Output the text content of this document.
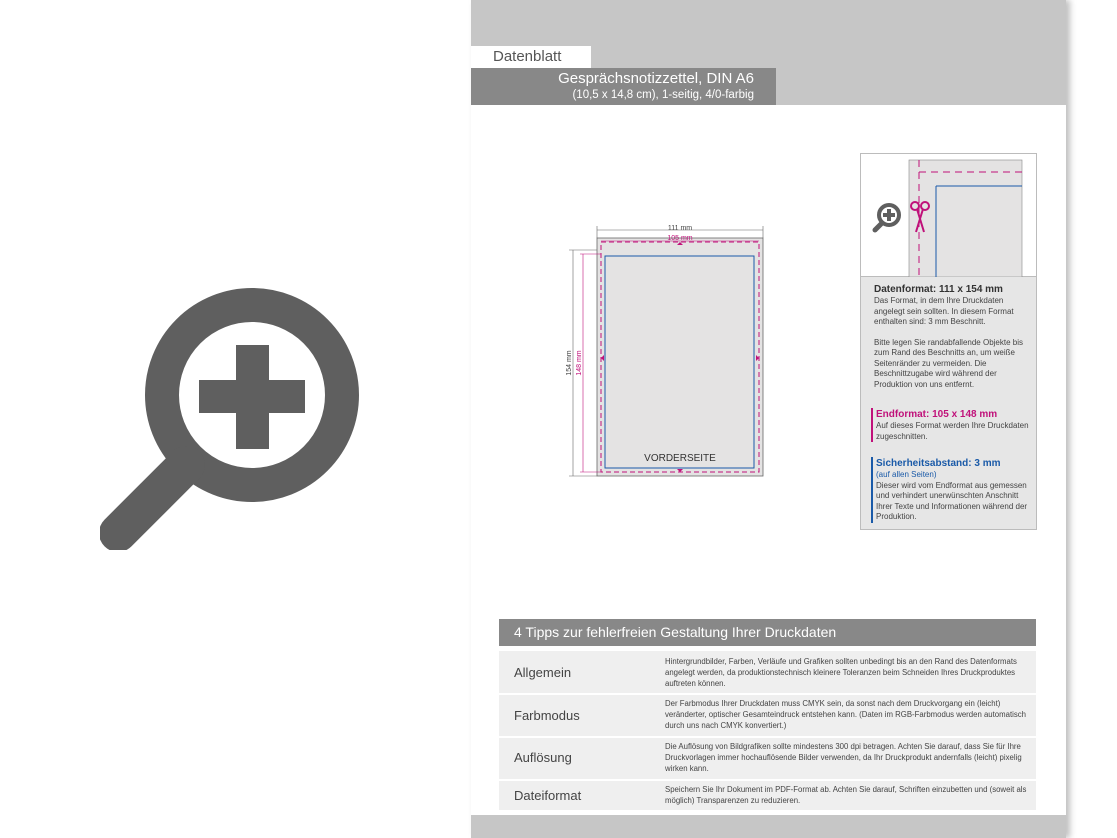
Datenblatt
Gesprächsnotizzettel, DIN A6
(10,5 x 14,8 cm), 1-seitig, 4/0-farbig
111 mm
105 mm
154 mm 148 mm
VORDERSEITE
Datenformat: 111 x 154 mm
Das Format, in dem Ihre Druckdaten angelegt sein sollten. In diesem Format enthalten sind: 3 mm Beschnitt.
Bitte legen Sie randabfallende Objekte bis zum Rand des Beschnitts an, um weiße Seitenränder zu vermeiden. Die Beschnittzugabe wird während der Produktion von uns entfernt.
Endformat: 105 x 148 mm
Auf dieses Format werden Ihre Druckdaten zugeschnitten.
Sicherheitsabstand: 3 mm
(auf allen Seiten)
Dieser wird vom Endformat aus gemessen und verhindert unerwünschten Anschnitt Ihrer Texte und Informationen während der Produktion.
4 Tipps zur fehlerfreien Gestaltung Ihrer Druckdaten
Allgemein
Hintergrundbilder, Farben, Verläufe und Grafiken sollten unbedingt bis an den Rand des Datenformats angelegt werden, da produktionstechnisch kleinere Toleranzen beim Schneiden Ihres Druckproduktes auftreten können.
Farbmodus
Der Farbmodus Ihrer Druckdaten muss CMYK sein, da sonst nach dem Druckvorgang ein (leicht) veränderter, optischer Gesamteindruck entstehen kann. (Daten im RGB-Farbmodus werden automatisch durch uns nach CMYK konvertiert.)
Auflösung
Die Auflösung von Bildgrafiken sollte mindestens 300 dpi betragen. Achten Sie darauf, dass Sie für Ihre Druckvorlagen immer hochauflösende Bilder verwenden, da Ihr Druckprodukt andernfalls (leicht) pixelig wirken kann.
Dateiformat	Speichern Sie Ihr Dokument im PDF-Format ab. Achten Sie darauf, Schriften einzubetten und (soweit als möglich) Transparenzen zu reduzieren.
